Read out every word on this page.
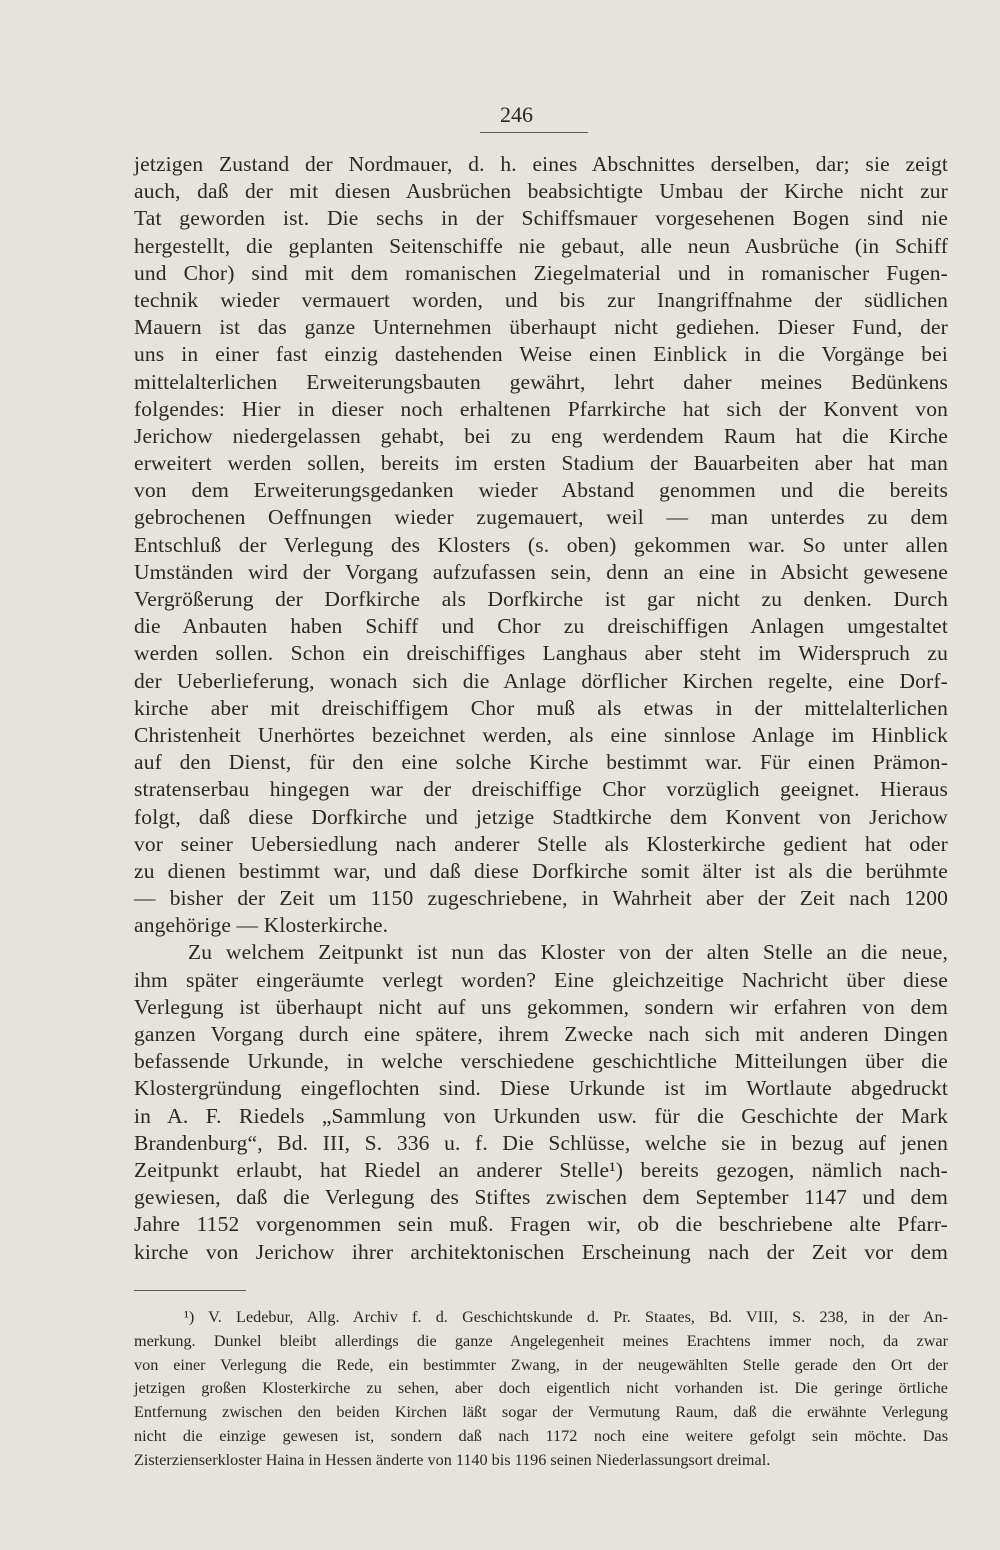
246
jetzigen Zustand der Nordmauer, d. h. eines Abschnittes derselben, dar; sie zeigt
auch, daß der mit diesen Ausbrüchen beabsichtigte Umbau der Kirche nicht zur
Tat geworden ist. Die sechs in der Schiffsmauer vorgesehenen Bogen sind nie
hergestellt, die geplanten Seitenschiffe nie gebaut, alle neun Ausbrüche (in Schiff
und Chor) sind mit dem romanischen Ziegelmaterial und in romanischer Fugen-
technik wieder vermauert worden, und bis zur Inangriffnahme der südlichen
Mauern ist das ganze Unternehmen überhaupt nicht gediehen. Dieser Fund, der
uns in einer fast einzig dastehenden Weise einen Einblick in die Vorgänge bei
mittelalterlichen Erweiterungsbauten gewährt, lehrt daher meines Bedünkens
folgendes: Hier in dieser noch erhaltenen Pfarrkirche hat sich der Konvent von
Jerichow niedergelassen gehabt, bei zu eng werdendem Raum hat die Kirche
erweitert werden sollen, bereits im ersten Stadium der Bauarbeiten aber hat man
von dem Erweiterungsgedanken wieder Abstand genommen und die bereits
gebrochenen Oeffnungen wieder zugemauert, weil — man unterdes zu dem
Entschluß der Verlegung des Klosters (s. oben) gekommen war. So unter allen
Umständen wird der Vorgang aufzufassen sein, denn an eine in Absicht gewesene
Vergrößerung der Dorfkirche als Dorfkirche ist gar nicht zu denken. Durch
die Anbauten haben Schiff und Chor zu dreischiffigen Anlagen umgestaltet
werden sollen. Schon ein dreischiffiges Langhaus aber steht im Widerspruch zu
der Ueberlieferung, wonach sich die Anlage dörflicher Kirchen regelte, eine Dorf-
kirche aber mit dreischiffigem Chor muß als etwas in der mittelalterlichen
Christenheit Unerhörtes bezeichnet werden, als eine sinnlose Anlage im Hinblick
auf den Dienst, für den eine solche Kirche bestimmt war. Für einen Prämon-
stratenserbau hingegen war der dreischiffige Chor vorzüglich geeignet. Hieraus
folgt, daß diese Dorfkirche und jetzige Stadtkirche dem Konvent von Jerichow
vor seiner Uebersiedlung nach anderer Stelle als Klosterkirche gedient hat oder
zu dienen bestimmt war, und daß diese Dorfkirche somit älter ist als die berühmte
— bisher der Zeit um 1150 zugeschriebene, in Wahrheit aber der Zeit nach 1200
angehörige — Klosterkirche.
Zu welchem Zeitpunkt ist nun das Kloster von der alten Stelle an die neue,
ihm später eingeräumte verlegt worden? Eine gleichzeitige Nachricht über diese
Verlegung ist überhaupt nicht auf uns gekommen, sondern wir erfahren von dem
ganzen Vorgang durch eine spätere, ihrem Zwecke nach sich mit anderen Dingen
befassende Urkunde, in welche verschiedene geschichtliche Mitteilungen über die
Klostergründung eingeflochten sind. Diese Urkunde ist im Wortlaute abgedruckt
in A. F. Riedels „Sammlung von Urkunden usw. für die Geschichte der Mark
Brandenburg“, Bd. III, S. 336 u. f. Die Schlüsse, welche sie in bezug auf jenen
Zeitpunkt erlaubt, hat Riedel an anderer Stelle¹) bereits gezogen, nämlich nach-
gewiesen, daß die Verlegung des Stiftes zwischen dem September 1147 und dem
Jahre 1152 vorgenommen sein muß. Fragen wir, ob die beschriebene alte Pfarr-
kirche von Jerichow ihrer architektonischen Erscheinung nach der Zeit vor dem
¹) V. Ledebur, Allg. Archiv f. d. Geschichtskunde d. Pr. Staates, Bd. VIII, S. 238, in der An-
merkung. Dunkel bleibt allerdings die ganze Angelegenheit meines Erachtens immer noch, da zwar
von einer Verlegung die Rede, ein bestimmter Zwang, in der neugewählten Stelle gerade den Ort der
jetzigen großen Klosterkirche zu sehen, aber doch eigentlich nicht vorhanden ist. Die geringe örtliche
Entfernung zwischen den beiden Kirchen läßt sogar der Vermutung Raum, daß die erwähnte Verlegung
nicht die einzige gewesen ist, sondern daß nach 1172 noch eine weitere gefolgt sein möchte. Das
Zisterzienserkloster Haina in Hessen änderte von 1140 bis 1196 seinen Niederlassungsort dreimal.
